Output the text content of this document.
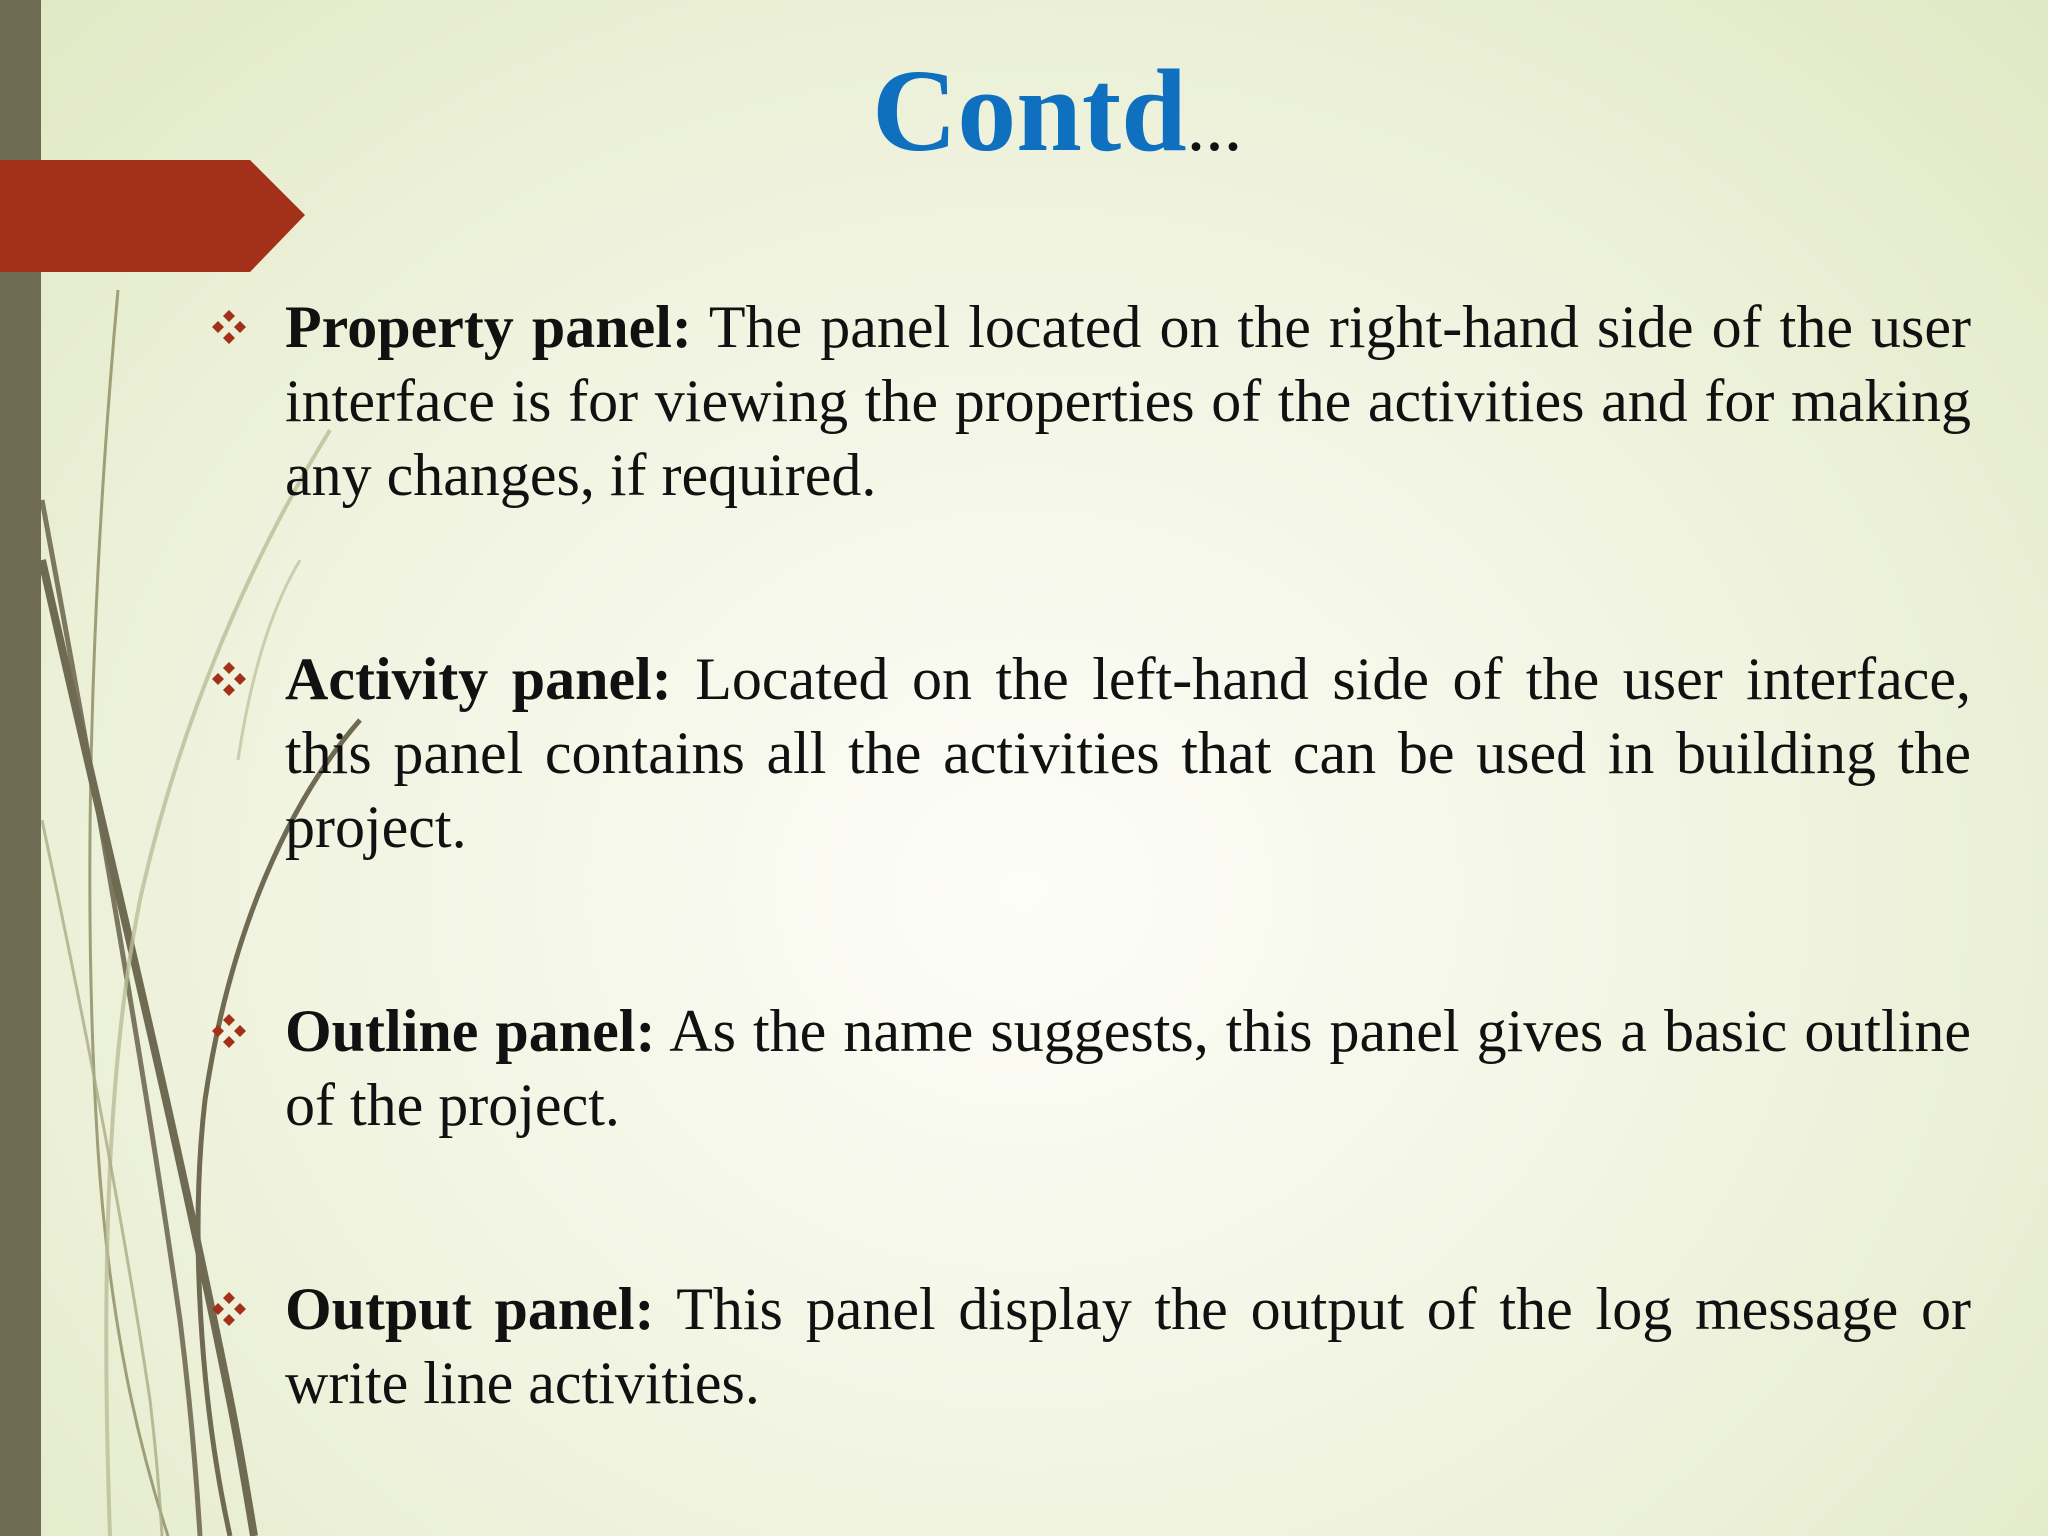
Contd...
Property panel: The panel located on the right-hand side of the user interface is for viewing the properties of the activities and for making any changes, if required.
Activity panel: Located on the left-hand side of the user interface, this panel contains all the activities that can be used in building the project.
Outline panel: As the name suggests, this panel gives a basic outline of the project.
Output panel: This panel display the output of the log message or write line activities.
